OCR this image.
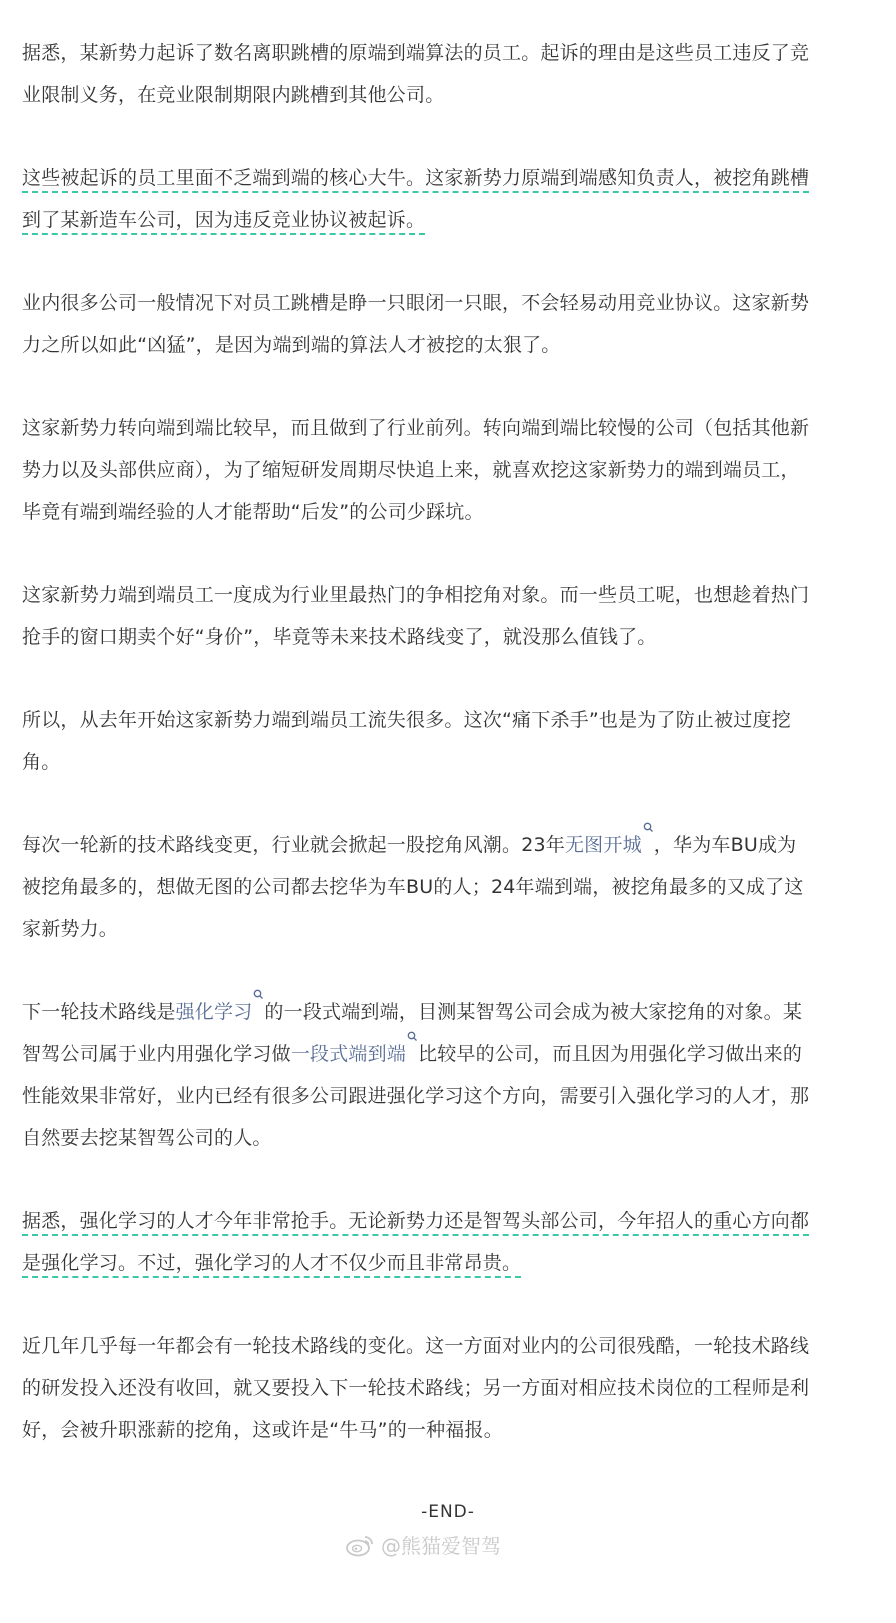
据悉，某新势力起诉了数名离职跳槽的原端到端算法的员工。起诉的理由是这些员工违反了竞业限制义务，在竞业限制期限内跳槽到其他公司。

这些被起诉的员工里面不乏端到端的核心大牛。这家新势力原端到端感知负责人，被挖角跳槽到了某新造车公司，因为违反竞业协议被起诉。

业内很多公司一般情况下对员工跳槽是睁一只眼闭一只眼，不会轻易动用竞业协议。这家新势力之所以如此“凶猛”，是因为端到端的算法人才被挖的太狠了。

这家新势力转向端到端比较早，而且做到了行业前列。转向端到端比较慢的公司（包括其他新势力以及头部供应商），为了缩短研发周期尽快追上来，就喜欢挖这家新势力的端到端员工，毕竟有端到端经验的人才能帮助“后发”的公司少踩坑。

这家新势力端到端员工一度成为行业里最热门的争相挖角对象。而一些员工呢，也想趁着热门抢手的窗口期卖个好“身价”，毕竟等未来技术路线变了，就没那么值钱了。

所以，从去年开始这家新势力端到端员工流失很多。这次“痛下杀手”也是为了防止被过度挖角。

每次一轮新的技术路线变更，行业就会掀起一股挖角风潮。23年无图开城 ，华为车BU成为被挖角最多的，想做无图的公司都去挖华为车BU的人；24年端到端，被挖角最多的又成了这家新势力。

下一轮技术路线是强化学习 的一段式端到端，目测某智驾公司会成为被大家挖角的对象。某智驾公司属于业内用强化学习做一段式端到端 比较早的公司，而且因为用强化学习做出来的性能效果非常好，业内已经有很多公司跟进强化学习这个方向，需要引入强化学习的人才，那自然要去挖某智驾公司的人。

据悉，强化学习的人才今年非常抢手。无论新势力还是智驾头部公司，今年招人的重心方向都是强化学习。不过，强化学习的人才不仅少而且非常昂贵。

近几年几乎每一年都会有一轮技术路线的变化。这一方面对业内的公司很残酷，一轮技术路线的研发投入还没有收回，就又要投入下一轮技术路线；另一方面对相应技术岗位的工程师是利好，会被升职涨薪的挖角，这或许是“牛马”的一种福报。

-END-
@熊猫爱智驾
